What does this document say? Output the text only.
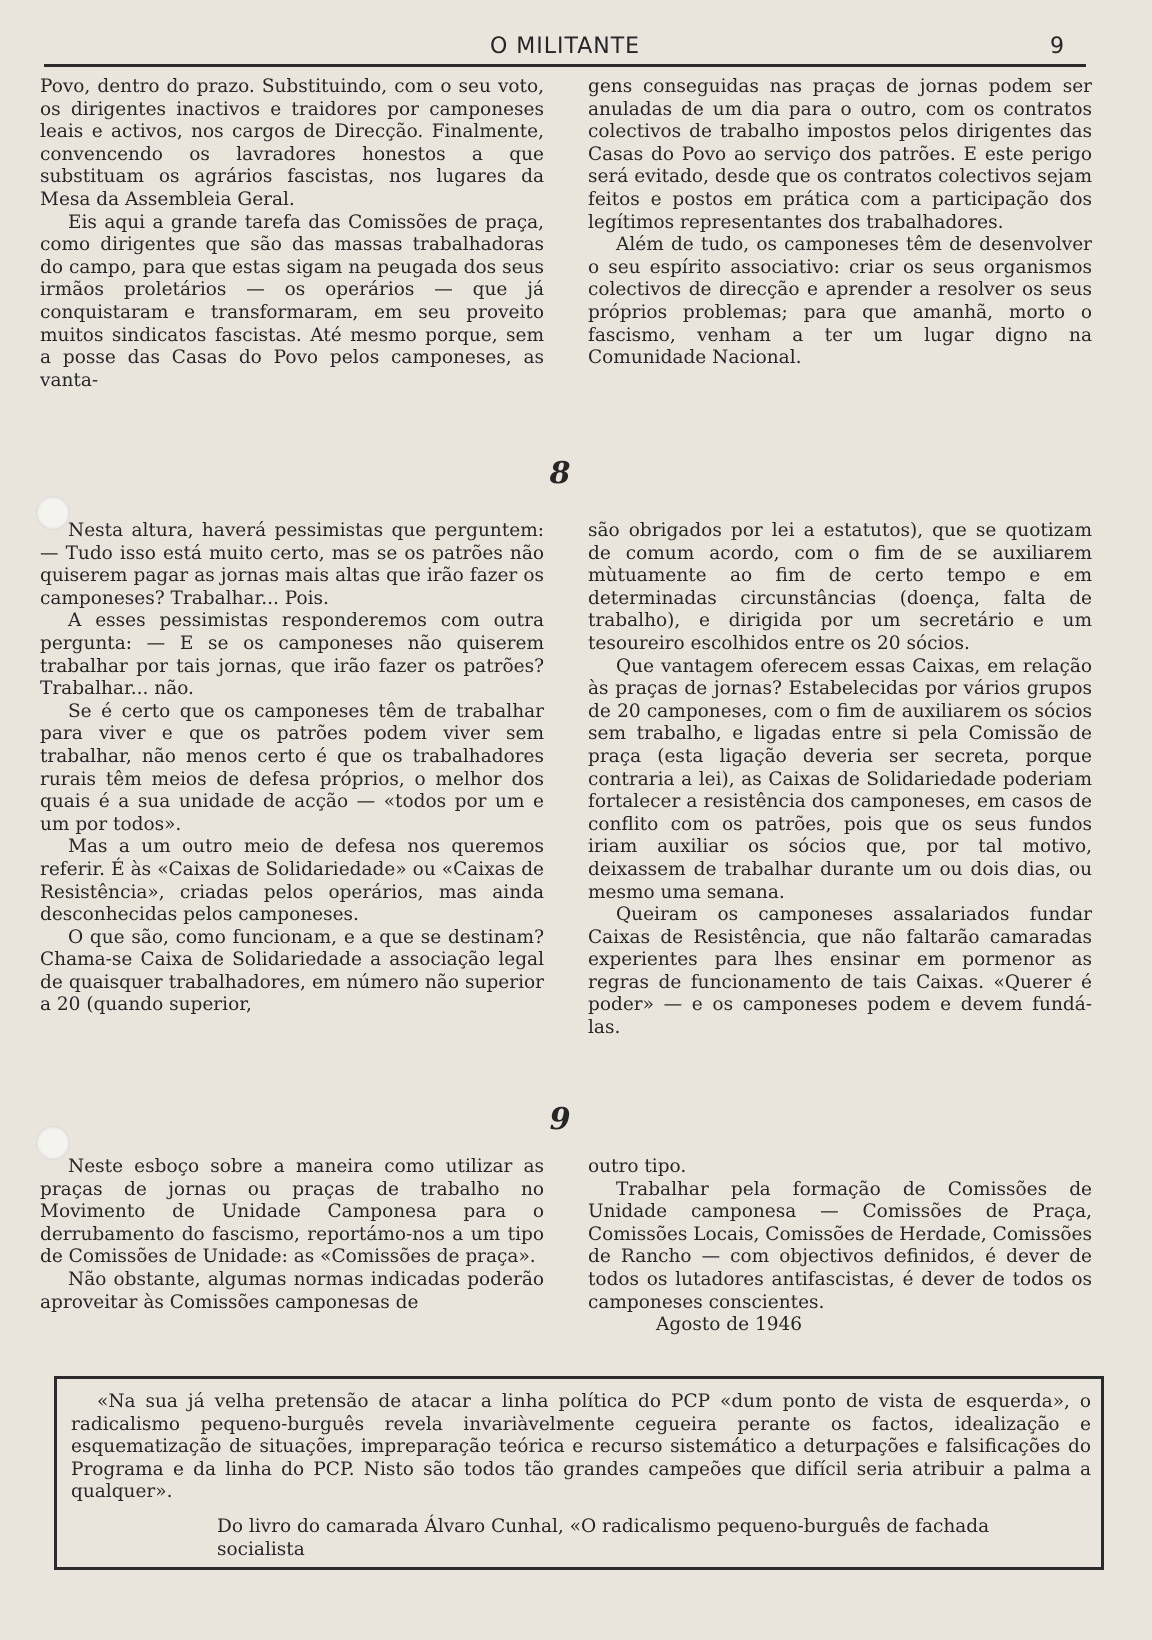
O MILITANTE	9

Povo, dentro do prazo. Substituindo, com o seu voto, os dirigentes inactivos e traidores por camponeses leais e activos, nos cargos de Direcção. Finalmente, convencendo os lavradores honestos a que substituam os agrários fascistas, nos lugares da Mesa da Assembleia Geral.

Eis aqui a grande tarefa das Comissões de praça, como dirigentes que são das massas trabalhadoras do campo, para que estas sigam na peugada dos seus irmãos proletários — os operários — que já conquistaram e transformaram, em seu proveito muitos sindicatos fascistas. Até mesmo porque, sem a posse das Casas do Povo pelos camponeses, as vanta-

gens conseguidas nas praças de jornas podem ser anuladas de um dia para o outro, com os contratos colectivos de trabalho impostos pelos dirigentes das Casas do Povo ao serviço dos patrões. E este perigo será evitado, desde que os contratos colectivos sejam feitos e postos em prática com a participação dos legítimos representantes dos trabalhadores.

Além de tudo, os camponeses têm de desenvolver o seu espírito associativo: criar os seus organismos colectivos de direcção e aprender a resolver os seus próprios problemas; para que amanhã, morto o fascismo, venham a ter um lugar digno na Comunidade Nacional.

8

Nesta altura, haverá pessimistas que perguntem: — Tudo isso está muito certo, mas se os patrões não quiserem pagar as jornas mais altas que irão fazer os camponeses? Trabalhar... Pois.

A esses pessimistas responderemos com outra pergunta: — E se os camponeses não quiserem trabalhar por tais jornas, que irão fazer os patrões? Trabalhar... não.

Se é certo que os camponeses têm de trabalhar para viver e que os patrões podem viver sem trabalhar, não menos certo é que os trabalhadores rurais têm meios de defesa próprios, o melhor dos quais é a sua unidade de acção — «todos por um e um por todos».

Mas a um outro meio de defesa nos queremos referir. É às «Caixas de Solidariedade» ou «Caixas de Resistência», criadas pelos operários, mas ainda desconhecidas pelos camponeses.

O que são, como funcionam, e a que se destinam? Chama-se Caixa de Solidariedade a associação legal de quaisquer trabalhadores, em número não superior a 20 (quando superior,

são obrigados por lei a estatutos), que se quotizam de comum acordo, com o fim de se auxiliarem mùtuamente ao fim de certo tempo e em determinadas circunstâncias (doença, falta de trabalho), e dirigida por um secretário e um tesoureiro escolhidos entre os 20 sócios.

Que vantagem oferecem essas Caixas, em relação às praças de jornas? Estabelecidas por vários grupos de 20 camponeses, com o fim de auxiliarem os sócios sem trabalho, e ligadas entre si pela Comissão de praça (esta ligação deveria ser secreta, porque contraria a lei), as Caixas de Solidariedade poderiam fortalecer a resistência dos camponeses, em casos de conflito com os patrões, pois que os seus fundos iriam auxiliar os sócios que, por tal motivo, deixassem de trabalhar durante um ou dois dias, ou mesmo uma semana.

Queiram os camponeses assalariados fundar Caixas de Resistência, que não faltarão camaradas experientes para lhes ensinar em pormenor as regras de funcionamento de tais Caixas. «Querer é poder» — e os camponeses podem e devem fundá-las.

9

Neste esboço sobre a maneira como utilizar as praças de jornas ou praças de trabalho no Movimento de Unidade Camponesa para o derrubamento do fascismo, reportámo-nos a um tipo de Comissões de Unidade: as «Comissões de praça».

Não obstante, algumas normas indicadas poderão aproveitar às Comissões camponesas de

outro tipo.

Trabalhar pela formação de Comissões de Unidade camponesa — Comissões de Praça, Comissões Locais, Comissões de Herdade, Comissões de Rancho — com objectivos definidos, é dever de todos os lutadores antifascistas, é dever de todos os camponeses conscientes.

Agosto de 1946

«Na sua já velha pretensão de atacar a linha política do PCP «dum ponto de vista de esquerda», o radicalismo pequeno-burguês revela invariàvelmente cegueira perante os factos, idealização e esquematização de situações, impreparação teórica e recurso sistemático a deturpações e falsificações do Programa e da linha do PCP. Nisto são todos tão grandes campeões que difícil seria atribuir a palma a qualquer».

Do livro do camarada Álvaro Cunhal, «O radicalismo pequeno-burguês de fachada socialista
